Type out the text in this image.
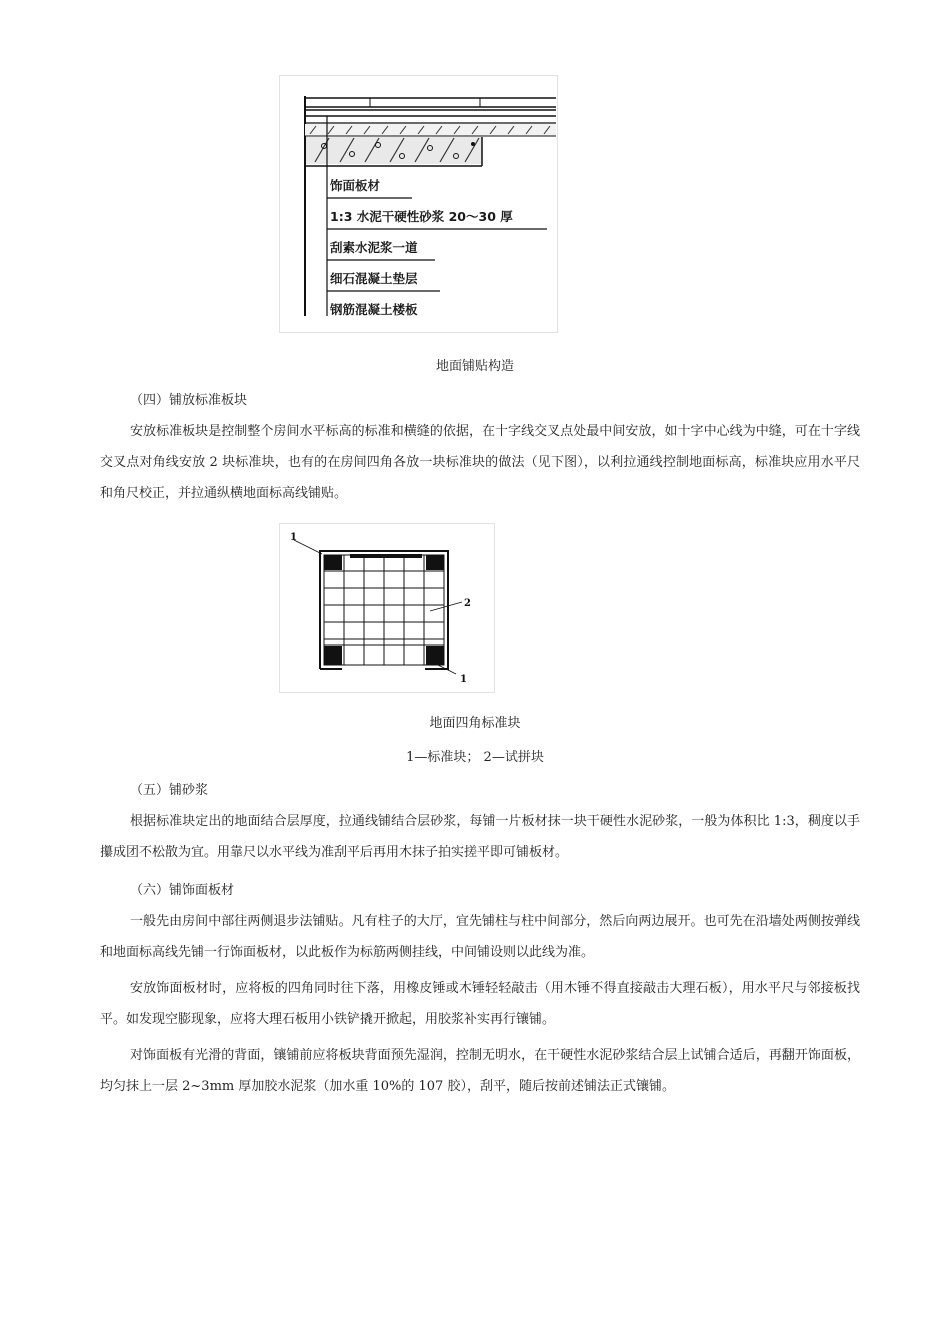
饰面板材
1:3 水泥干硬性砂浆 20～30 厚
刮素水泥浆一道
细石混凝土垫层
钢筋混凝土楼板
地面铺贴构造
（四）铺放标准板块

安放标准板块是控制整个房间水平标高的标准和横缝的依据，在十字线交叉点处最中间安放，如十字中心线为中缝，可在十字线交叉点对角线安放 2 块标准块，也有的在房间四角各放一块标准块的做法（见下图），以利拉通线控制地面标高，标准块应用水平尺和角尺校正，并拉通纵横地面标高线铺贴。

1
2
1
地面四角标准块
1—标准块； 2—试拼块
（五）铺砂浆

根据标准块定出的地面结合层厚度，拉通线铺结合层砂浆，每铺一片板材抹一块干硬性水泥砂浆，一般为体积比 1:3，稠度以手攥成团不松散为宜。用靠尺以水平线为准刮平后再用木抹子拍实搓平即可铺板材。

（六）铺饰面板材

一般先由房间中部往两侧退步法铺贴。凡有柱子的大厅，宜先铺柱与柱中间部分，然后向两边展开。也可先在沿墙处两侧按弹线和地面标高线先铺一行饰面板材，以此板作为标筋两侧挂线，中间铺设则以此线为准。

安放饰面板材时，应将板的四角同时往下落，用橡皮锤或木锤轻轻敲击（用木锤不得直接敲击大理石板），用水平尺与邻接板找平。如发现空膨现象，应将大理石板用小铁铲撬开掀起，用胶浆补实再行镶铺。

对饰面板有光滑的背面，镶铺前应将板块背面预先湿润，控制无明水，在干硬性水泥砂浆结合层上试铺合适后，再翻开饰面板，均匀抹上一层 2~3mm 厚加胶水泥浆（加水重 10%的 107 胶），刮平，随后按前述铺法正式镶铺。
